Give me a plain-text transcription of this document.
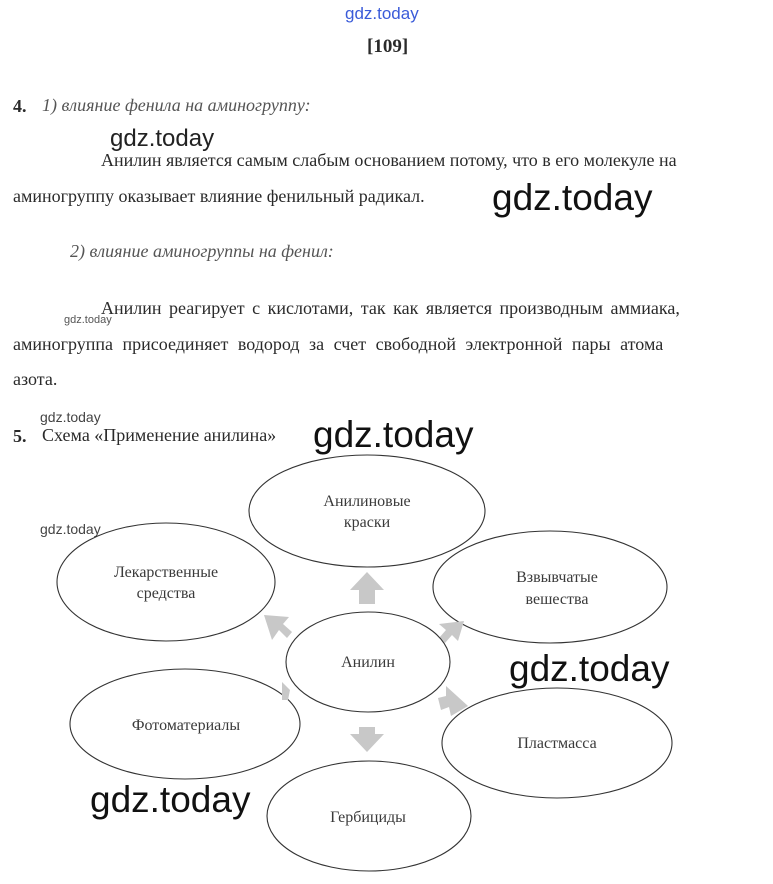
gdz.today
[109]
4. 1) влияние фенила на аминогруппу:
gdz.today
Анилин является самым слабым основанием потому, что в его молекуле на
аминогруппу оказывает влияние фенильный радикал. gdz.today
2) влияние аминогруппы на фенил:
Анилин реагирует с кислотами, так как является производным аммиака,
gdz.today
аминогруппа присоединяет водород за счет свободной электронной пары атома
азота.
gdz.today
5. Схема «Применение анилина» gdz.today
gdz.today
Анилин
Анилиновые
краски
Взвывчатые
вешества
Пластмасса
Гербициды
Фотоматериалы
Лекарственные
средства
gdz.today
gdz.today
